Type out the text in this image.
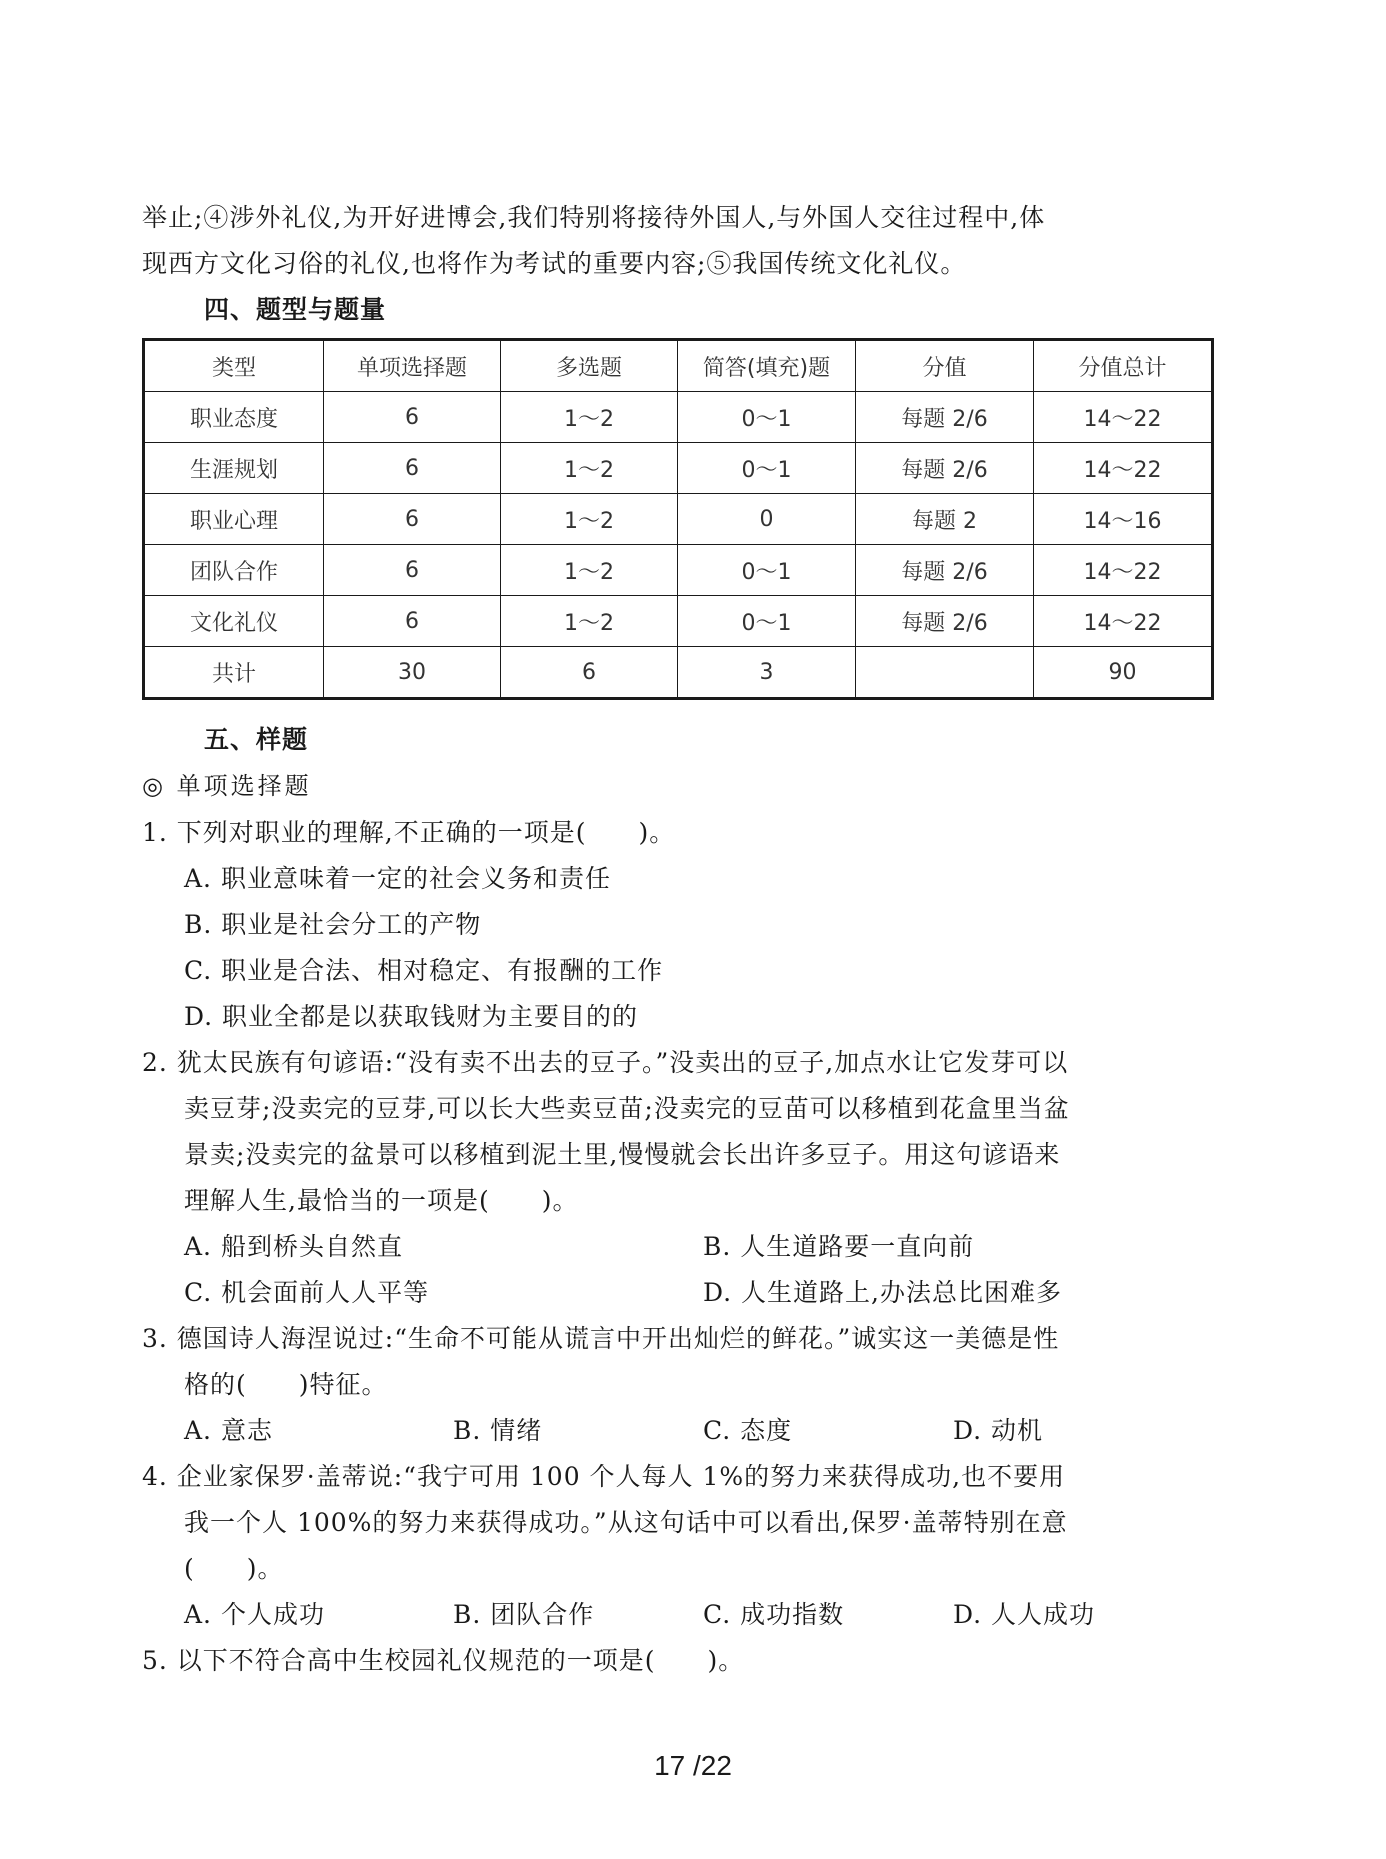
举止;④涉外礼仪,为开好进博会,我们特别将接待外国人,与外国人交往过程中,体
现西方文化习俗的礼仪,也将作为考试的重要内容;⑤我国传统文化礼仪。
四、题型与题量
类型	单项选择题	多选题	简答(填充)题	分值	分值总计
职业态度	6	1～2	0～1	每题 2/6	14～22
生涯规划	6	1～2	0～1	每题 2/6	14～22
职业心理	6	1～2	0	每题 2	14～16
团队合作	6	1～2	0～1	每题 2/6	14～22
文化礼仪	6	1～2	0～1	每题 2/6	14～22
共计	30	6	3		90
五、样题
◎ 单项选择题
1. 下列对职业的理解,不正确的一项是(　　)。
A. 职业意味着一定的社会义务和责任
B. 职业是社会分工的产物
C. 职业是合法、相对稳定、有报酬的工作
D. 职业全都是以获取钱财为主要目的的
2. 犹太民族有句谚语:“没有卖不出去的豆子。”没卖出的豆子,加点水让它发芽可以
卖豆芽;没卖完的豆芽,可以长大些卖豆苗;没卖完的豆苗可以移植到花盒里当盆
景卖;没卖完的盆景可以移植到泥土里,慢慢就会长出许多豆子。用这句谚语来
理解人生,最恰当的一项是(　　)。
A. 船到桥头自然直	B. 人生道路要一直向前
C. 机会面前人人平等	D. 人生道路上,办法总比困难多
3. 德国诗人海涅说过:“生命不可能从谎言中开出灿烂的鲜花。”诚实这一美德是性
格的(　　)特征。
A. 意志	B. 情绪	C. 态度	D. 动机
4. 企业家保罗·盖蒂说:“我宁可用 100 个人每人 1%的努力来获得成功,也不要用
我一个人 100%的努力来获得成功。”从这句话中可以看出,保罗·盖蒂特别在意
(　　)。
A. 个人成功	B. 团队合作	C. 成功指数	D. 人人成功
5. 以下不符合高中生校园礼仪规范的一项是(　　)。
17 /22
